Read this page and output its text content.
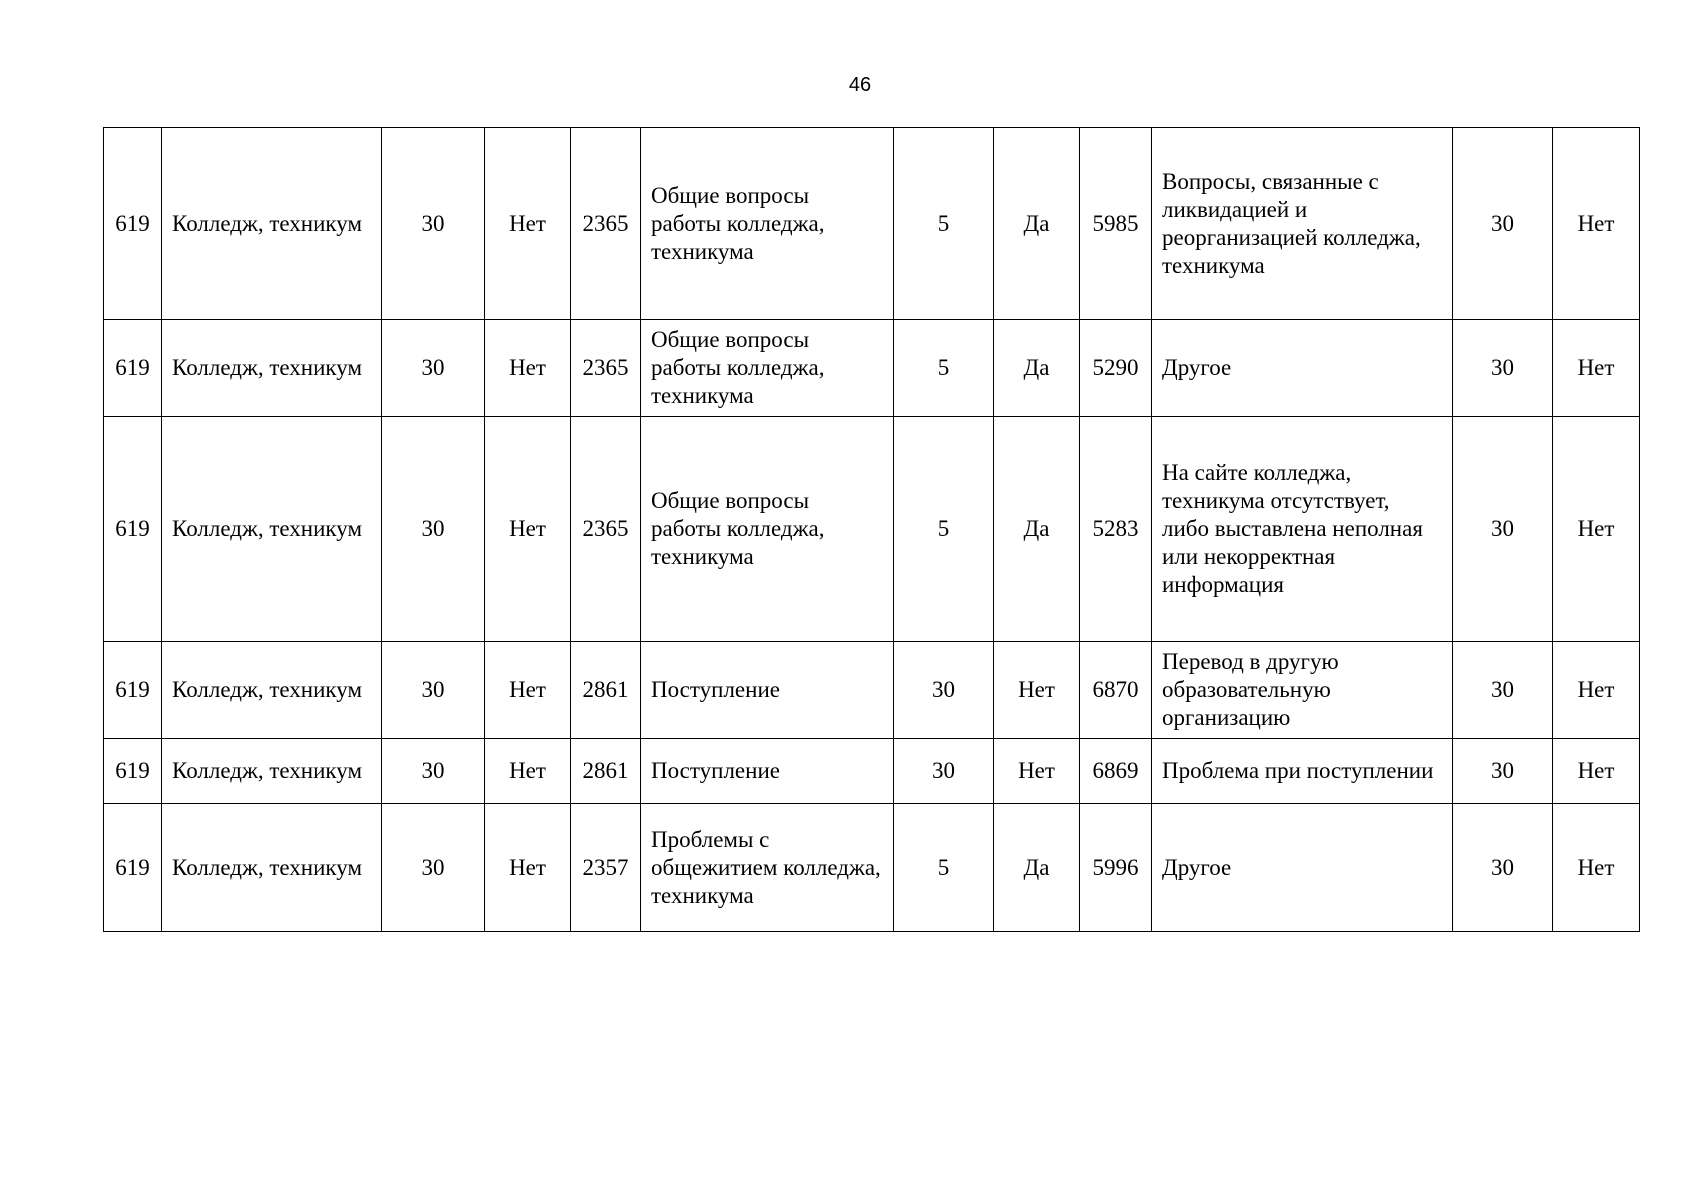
46
619	Колледж, техникум	30	Нет	2365	Общие вопросы работы колледжа, техникума	5	Да	5985	Вопросы, связанные с ликвидацией и реорганизацией колледжа, техникума	30	Нет
619	Колледж, техникум	30	Нет	2365	Общие вопросы работы колледжа, техникума	5	Да	5290	Другое	30	Нет
619	Колледж, техникум	30	Нет	2365	Общие вопросы работы колледжа, техникума	5	Да	5283	На сайте колледжа, техникума отсутствует, либо выставлена неполная или некорректная информация	30	Нет
619	Колледж, техникум	30	Нет	2861	Поступление	30	Нет	6870	Перевод в другую образовательную организацию	30	Нет
619	Колледж, техникум	30	Нет	2861	Поступление	30	Нет	6869	Проблема при поступлении	30	Нет
619	Колледж, техникум	30	Нет	2357	Проблемы с общежитием колледжа, техникума	5	Да	5996	Другое	30	Нет
